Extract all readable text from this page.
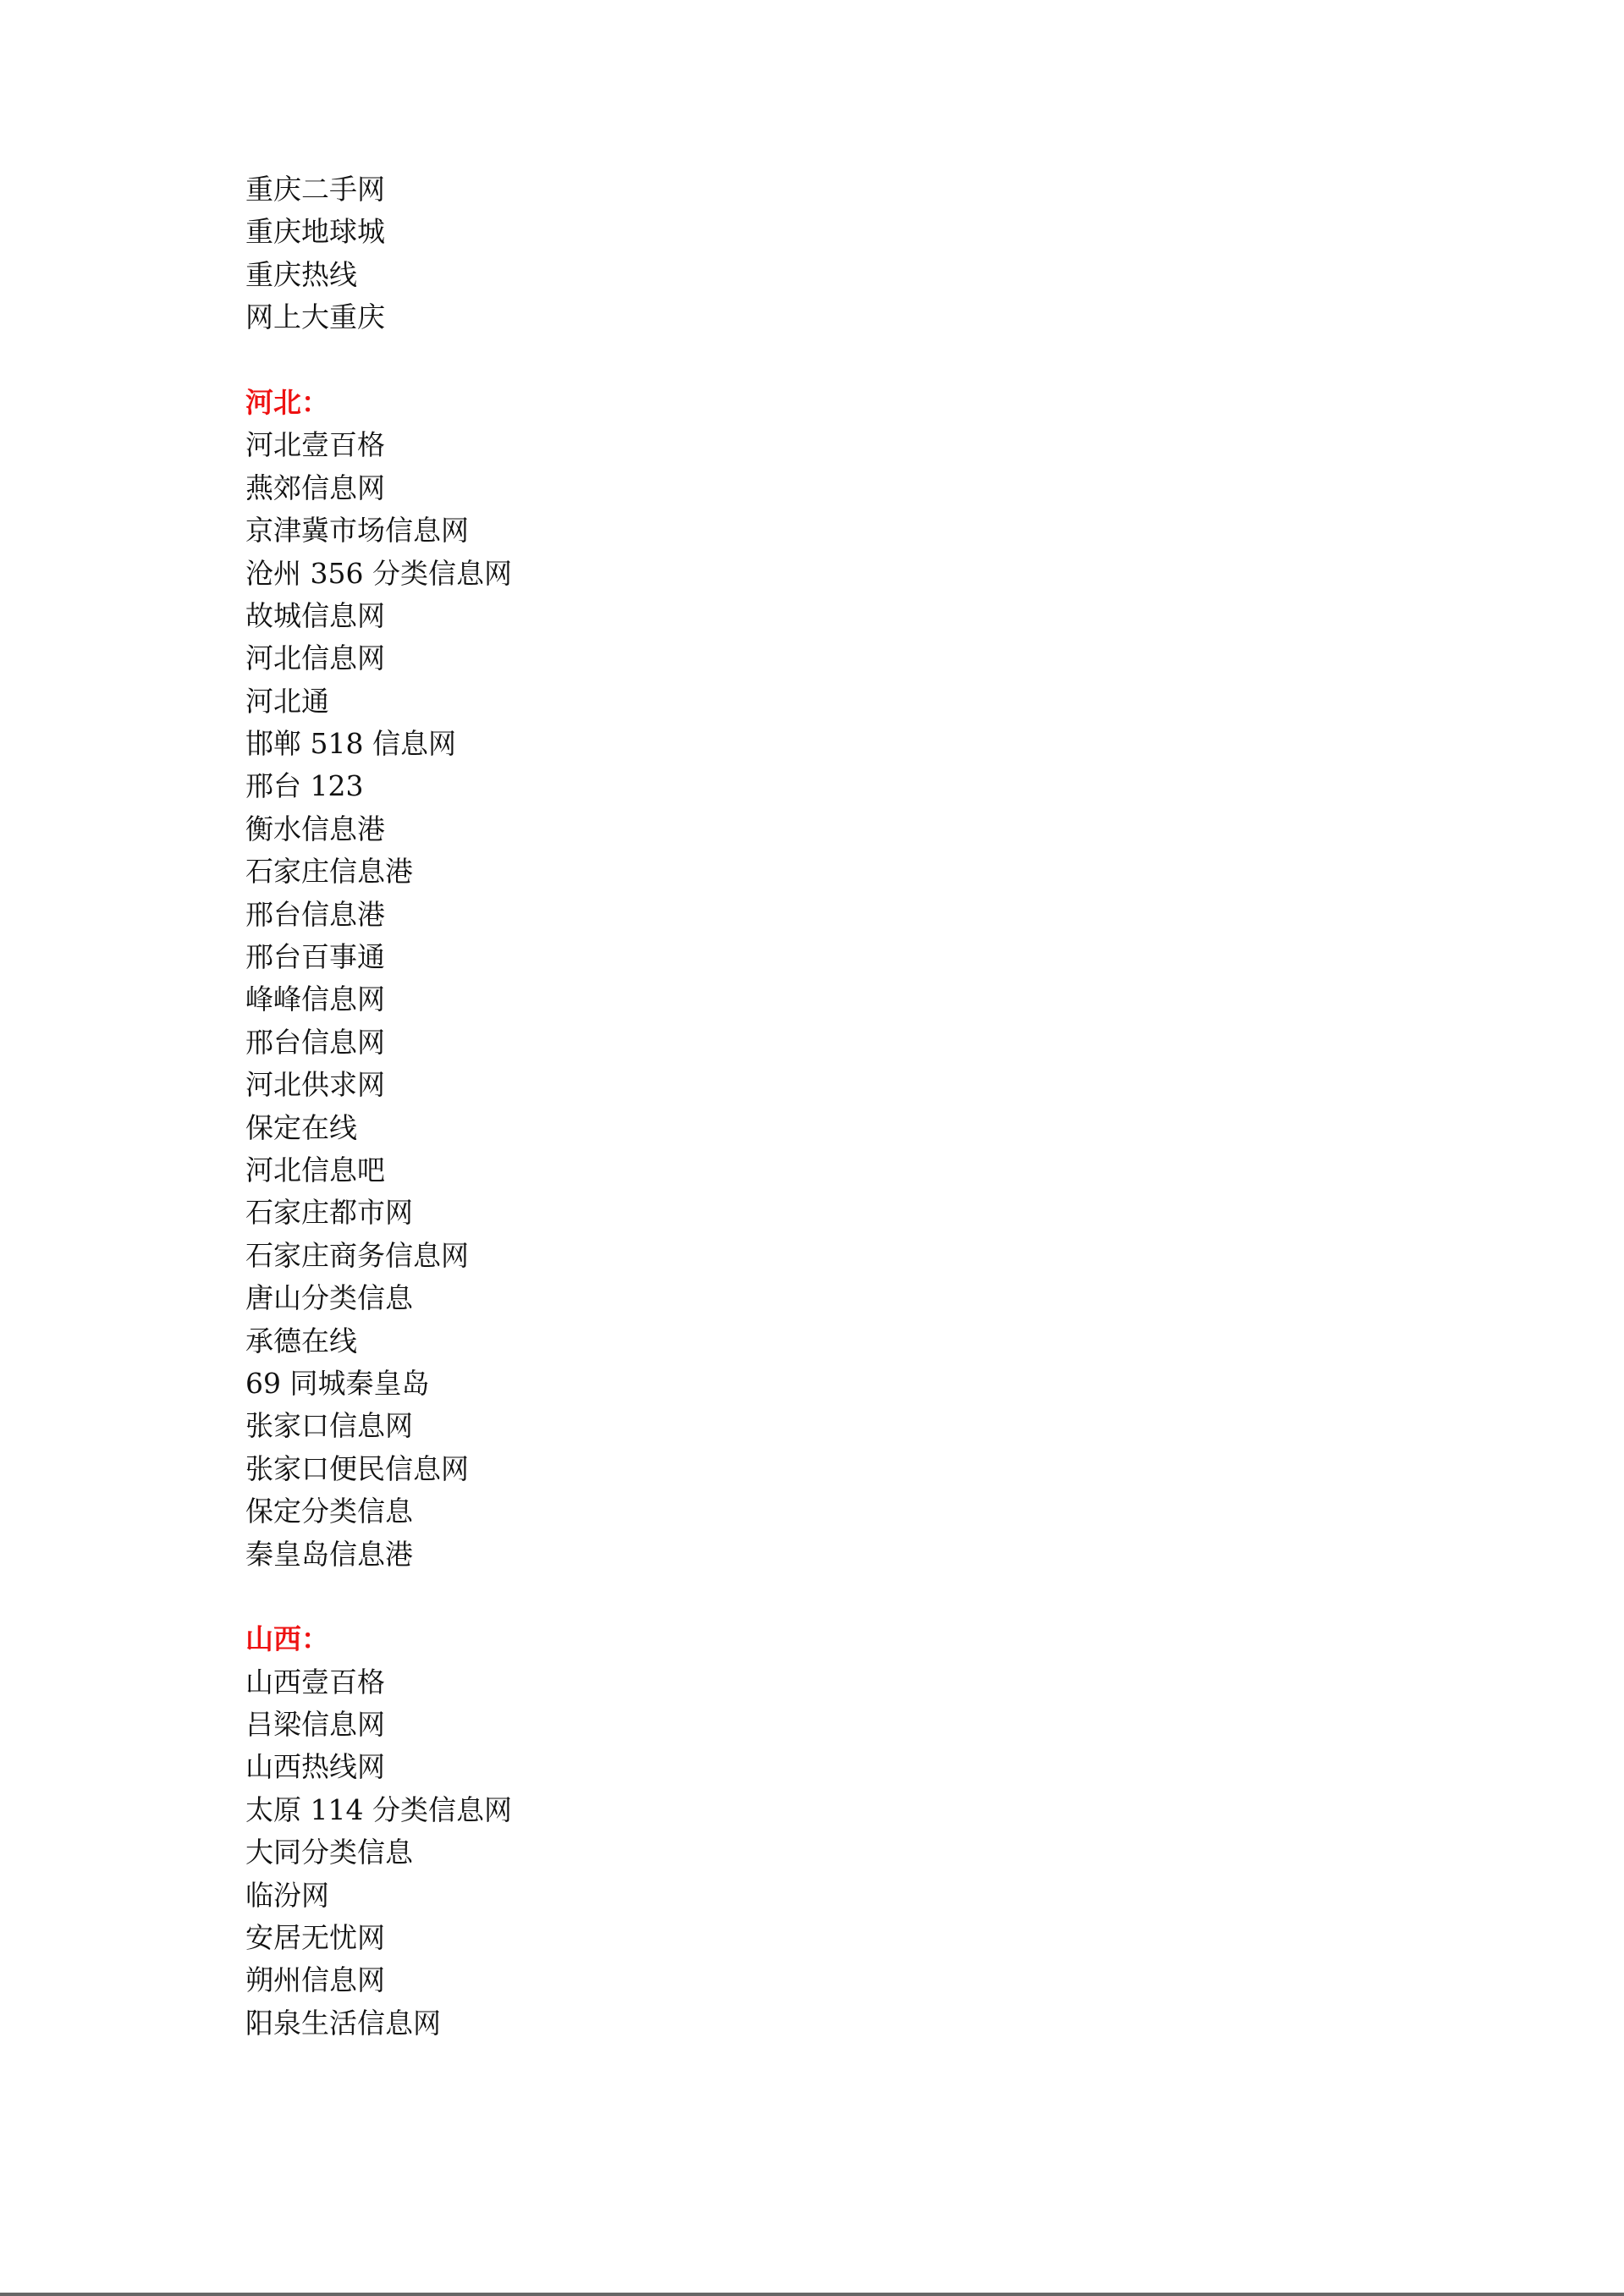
重庆二手网
重庆地球城
重庆热线
网上大重庆
河北：
河北壹百格
燕郊信息网
京津冀市场信息网
沧州 356 分类信息网
故城信息网
河北信息网
河北通
邯郸 518 信息网
邢台 123
衡水信息港
石家庄信息港
邢台信息港
邢台百事通
峰峰信息网
邢台信息网
河北供求网
保定在线
河北信息吧
石家庄都市网
石家庄商务信息网
唐山分类信息
承德在线
69 同城秦皇岛
张家口信息网
张家口便民信息网
保定分类信息
秦皇岛信息港
山西：
山西壹百格
吕梁信息网
山西热线网
太原 114 分类信息网
大同分类信息
临汾网
安居无忧网
朔州信息网
阳泉生活信息网
